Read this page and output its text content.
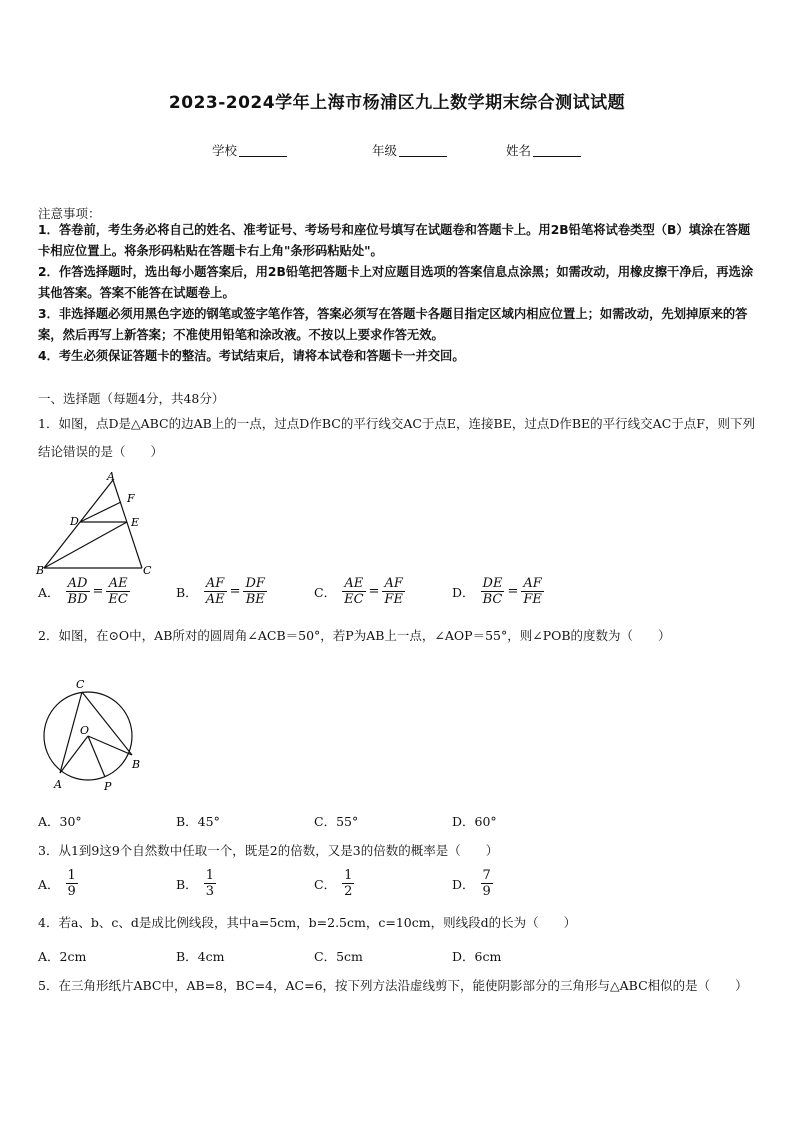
2023-2024学年上海市杨浦区九上数学期末综合测试试题
学校	年级	姓名
注意事项：
1．答卷前，考生务必将自己的姓名、准考证号、考场号和座位号填写在试题卷和答题卡上。用2B铅笔将试卷类型（B）填涂在答题卡相应位置上。将条形码粘贴在答题卡右上角"条形码粘贴处"。
2．作答选择题时，选出每小题答案后，用2B铅笔把答题卡上对应题目选项的答案信息点涂黑；如需改动，用橡皮擦干净后，再选涂其他答案。答案不能答在试题卷上。
3．非选择题必须用黑色字迹的钢笔或签字笔作答，答案必须写在答题卡各题目指定区域内相应位置上；如需改动，先划掉原来的答案，然后再写上新答案；不准使用铅笔和涂改液。不按以上要求作答无效。
4．考生必须保证答题卡的整洁。考试结束后，请将本试卷和答题卡一并交回。
一、选择题（每题4分，共48分）
1．如图，点D是△ABC的边AB上的一点，过点D作BC的平行线交AC于点E，连接BE，过点D作BE的平行线交AC于点F，则下列结论错误的是（　　）
A
F
D	E
B	C
A． $\frac{AD}{BD} = \frac{AE}{EC}$	B． $\frac{AF}{AE} = \frac{DF}{BE}$	C． $\frac{AE}{EC} = \frac{AF}{FE}$	D． $\frac{DE}{BC} = \frac{AF}{FE}$
2．如图，在⊙O中，AB所对的圆周角∠ACB＝50°，若P为AB上一点，∠AOP＝55°，则∠POB的度数为（　　）
C
O
A
B
P
A．30°	B．45°	C．55°	D．60°
3．从1到9这9个自然数中任取一个，既是2的倍数，又是3的倍数的概率是（　　）
A． $\frac{1}{9}$	B． $\frac{1}{3}$	C． $\frac{1}{2}$	D． $\frac{7}{9}$
4．若a、b、c、d是成比例线段，其中a=5cm，b=2.5cm，c=10cm，则线段d的长为（　　）
A．2cm	B．4cm	C．5cm	D．6cm
5．在三角形纸片ABC中，AB=8，BC=4，AC=6，按下列方法沿虚线剪下，能使阴影部分的三角形与△ABC相似的是（　　）
